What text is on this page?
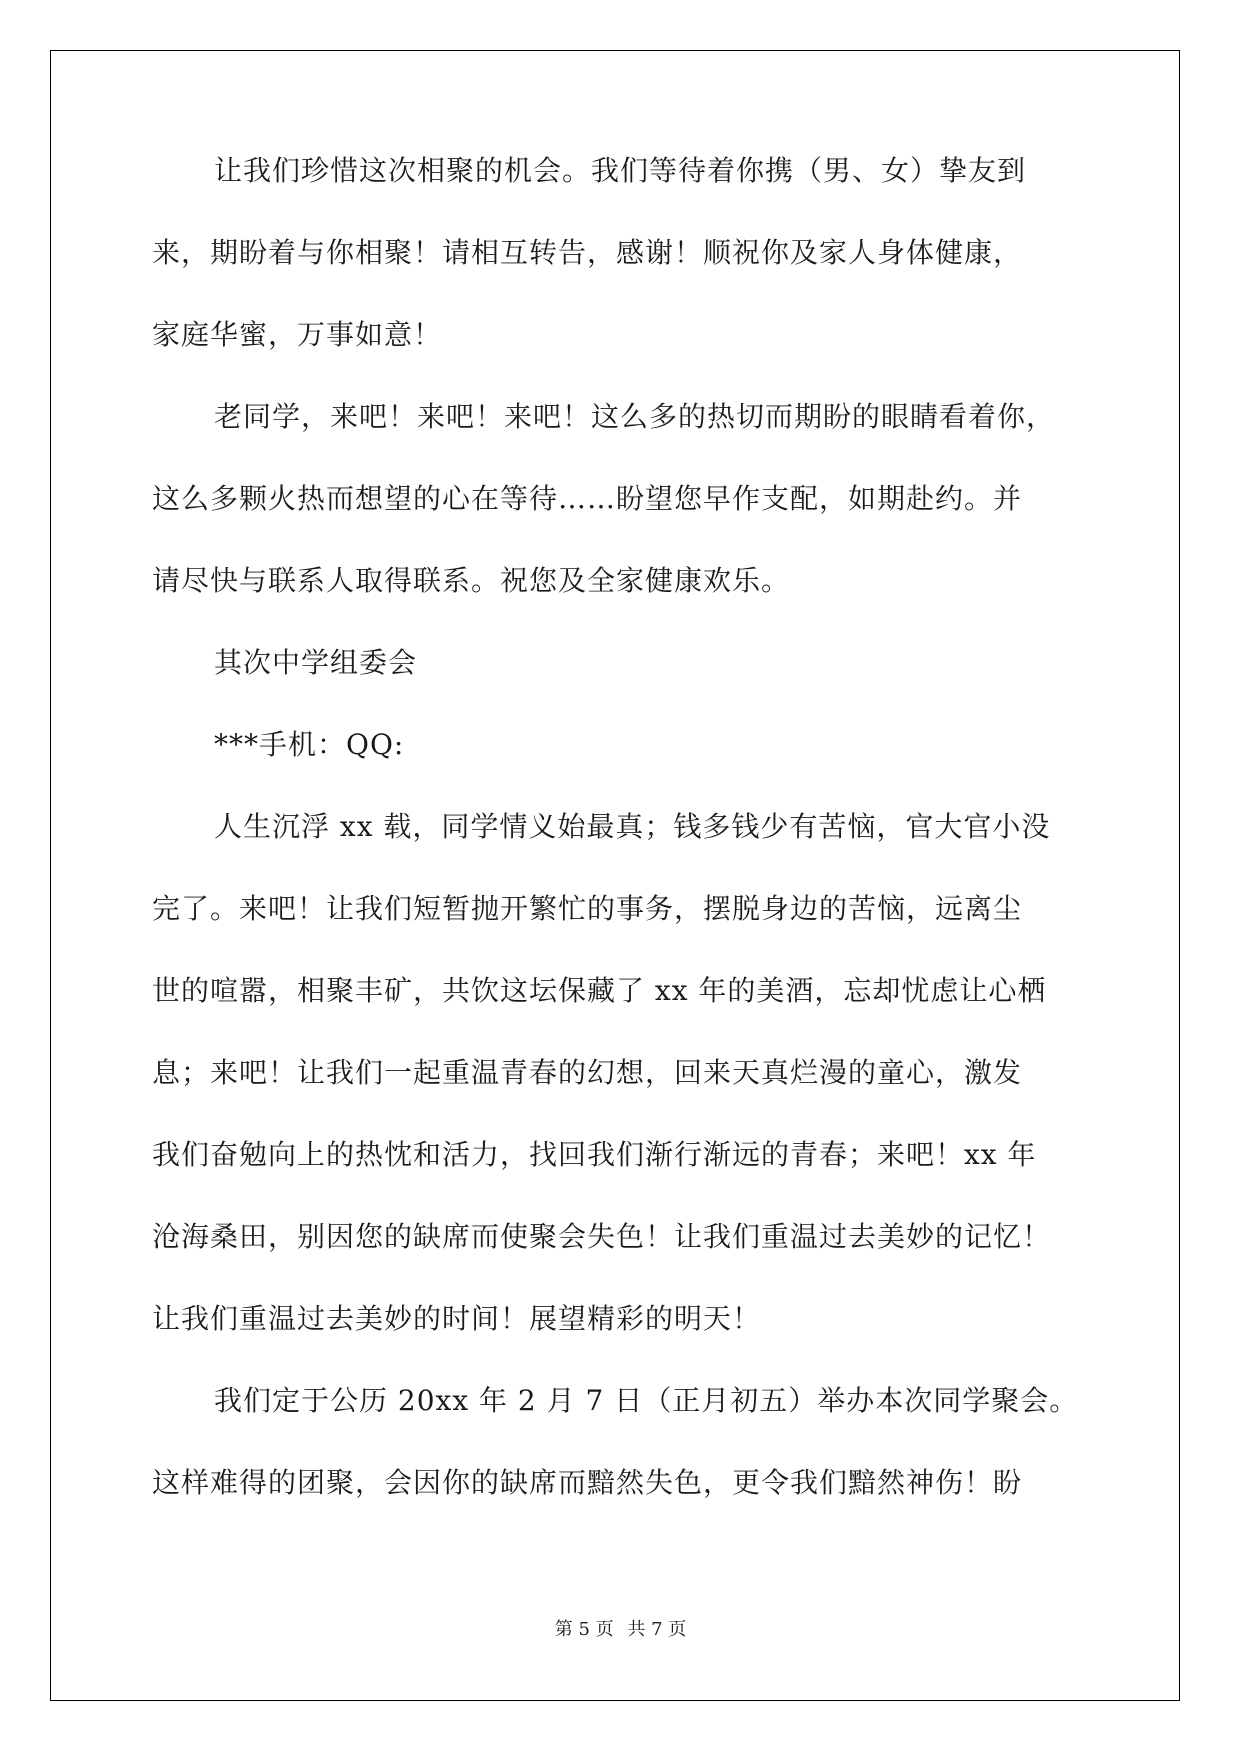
让我们珍惜这次相聚的机会。我们等待着你携（男、女）挚友到
来，期盼着与你相聚！请相互转告，感谢！顺祝你及家人身体健康，
家庭华蜜，万事如意！
老同学，来吧！来吧！来吧！这么多的热切而期盼的眼睛看着你，
这么多颗火热而想望的心在等待……盼望您早作支配，如期赴约。并
请尽快与联系人取得联系。祝您及全家健康欢乐。
其次中学组委会
***手机：QQ:
人生沉浮 xx 载，同学情义始最真；钱多钱少有苦恼，官大官小没
完了。来吧！让我们短暂抛开繁忙的事务，摆脱身边的苦恼，远离尘
世的喧嚣，相聚丰矿，共饮这坛保藏了 xx 年的美酒，忘却忧虑让心栖
息；来吧！让我们一起重温青春的幻想，回来天真烂漫的童心，激发
我们奋勉向上的热忱和活力，找回我们渐行渐远的青春；来吧！xx 年
沧海桑田，别因您的缺席而使聚会失色！让我们重温过去美妙的记忆！
让我们重温过去美妙的时间！展望精彩的明天！
我们定于公历 20xx 年 2 月 7 日（正月初五）举办本次同学聚会。
这样难得的团聚，会因你的缺席而黯然失色，更令我们黯然神伤！盼
第 5 页 共 7 页
